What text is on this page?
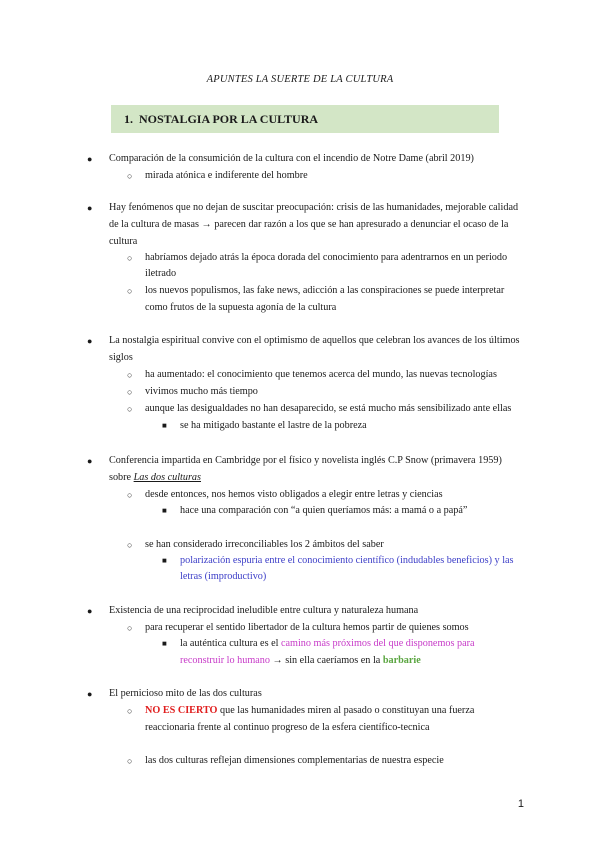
APUNTES LA SUERTE DE LA CULTURA
1. NOSTALGIA POR LA CULTURA
● Comparación de la consumición de la cultura con el incendio de Notre Dame (abril 2019)
○ mirada atónica e indiferente del hombre
● Hay fenómenos que no dejan de suscitar preocupación: crisis de las humanidades, mejorable calidad
de la cultura de masas → parecen dar razón a los que se han apresurado a denunciar el ocaso de la
cultura
○ habríamos dejado atrás la época dorada del conocimiento para adentrarnos en un periodo
iletrado
○ los nuevos populismos, las fake news, adicción a las conspiraciones se puede interpretar
como frutos de la supuesta agonía de la cultura
● La nostalgia espiritual convive con el optimismo de aquellos que celebran los avances de los últimos
siglos
○ ha aumentado: el conocimiento que tenemos acerca del mundo, las nuevas tecnologías
○ vivimos mucho más tiempo
○ aunque las desigualdades no han desaparecido, se está mucho más sensibilizado ante ellas
■ se ha mitigado bastante el lastre de la pobreza
● Conferencia impartida en Cambridge por el físico y novelista inglés C.P Snow (primavera 1959)
sobre Las dos culturas
○ desde entonces, nos hemos visto obligados a elegir entre letras y ciencias
■ hace una comparación con “a quien queríamos más: a mamá o a papá”
○ se han considerado irreconciliables los 2 ámbitos del saber
■ polarización espuria entre el conocimiento científico (indudables beneficios) y las
letras (improductivo)
● Existencia de una reciprocidad ineludible entre cultura y naturaleza humana
○ para recuperar el sentido libertador de la cultura hemos partir de quienes somos
■ la auténtica cultura es el camino más próximos del que disponemos para
reconstruir lo humano → sin ella caeríamos en la barbarie
● El pernicioso mito de las dos culturas
○ NO ES CIERTO que las humanidades miren al pasado o constituyan una fuerza
reaccionaria frente al continuo progreso de la esfera científico-tecnica
○ las dos culturas reflejan dimensiones complementarias de nuestra especie
1
